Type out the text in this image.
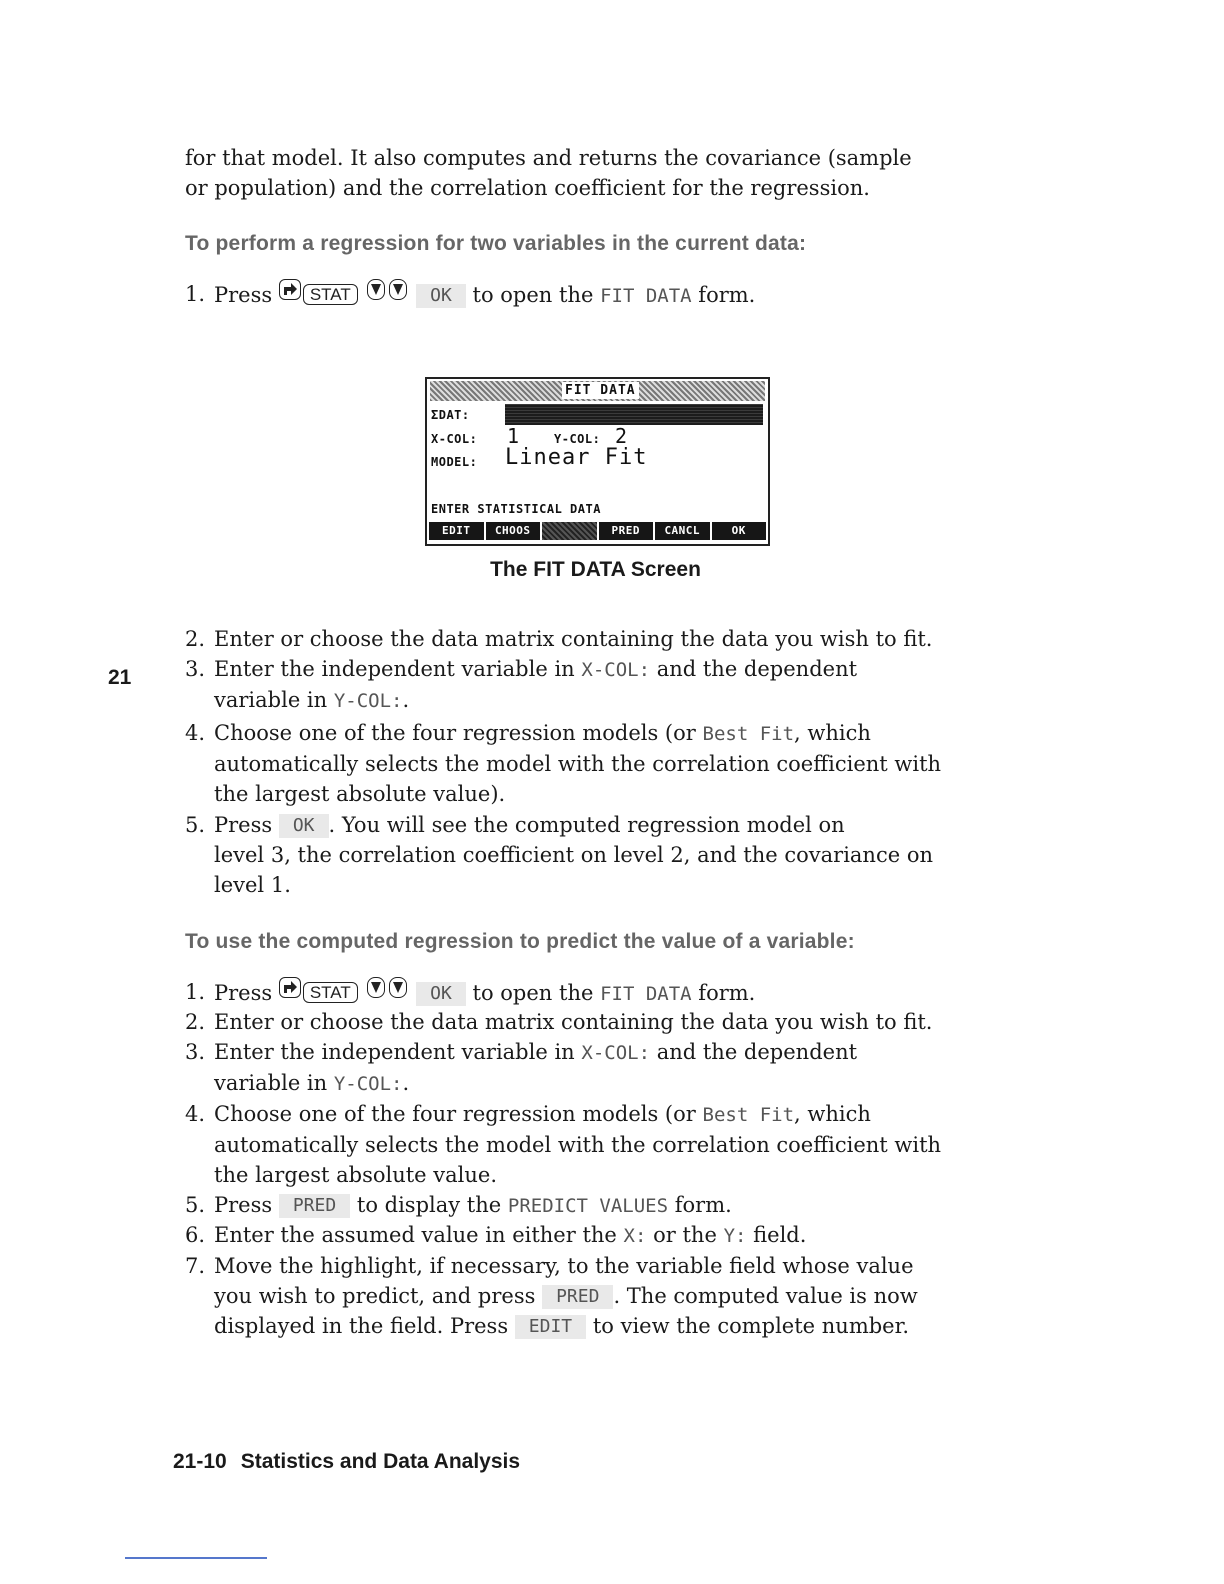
for that model. It also computes and returns the covariance (sample
or population) and the correlation coefficient for the regression.
To perform a regression for two variables in the current data:
1. Press STAT	OK to open the FIT DATA form.
FIT DATA
ΣDAT:
X-COL: 1	Y-COL: 2
MODEL: Linear Fit
ENTER STATISTICAL DATA
EDIT	CHOOS	PRED	CANCL	OK
The FIT DATA Screen
21
2. Enter or choose the data matrix containing the data you wish to fit.
3. Enter the independent variable in X-COL: and the dependent
variable in Y-COL:.
4. Choose one of the four regression models (or Best Fit, which
automatically selects the model with the correlation coefficient with
the largest absolute value).
5. Press OK . You will see the computed regression model on
level 3, the correlation coefficient on level 2, and the covariance on
level 1.
To use the computed regression to predict the value of a variable:
1. Press STAT	OK to open the FIT DATA form.
2. Enter or choose the data matrix containing the data you wish to fit.
3. Enter the independent variable in X-COL: and the dependent
variable in Y-COL:.
4. Choose one of the four regression models (or Best Fit, which
automatically selects the model with the correlation coefficient with
the largest absolute value.
5. Press PRED to display the PREDICT VALUES form.
6. Enter the assumed value in either the X: or the Y: field.
7. Move the highlight, if necessary, to the variable field whose value
you wish to predict, and press PRED . The computed value is now
displayed in the field. Press EDIT to view the complete number.
21-10 Statistics and Data Analysis
